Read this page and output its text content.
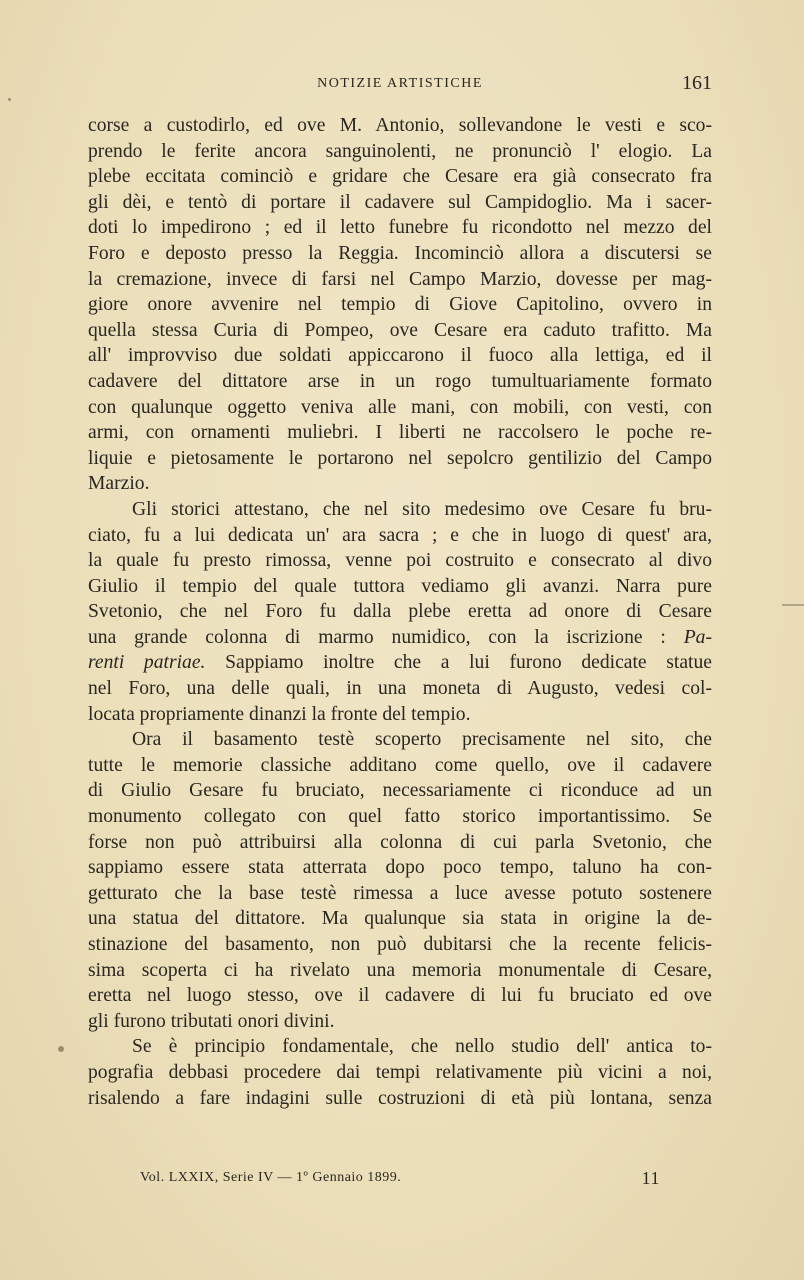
NOTIZIE ARTISTICHE	161

corse a custodirlo, ed ove M. Antonio, sollevandone le vesti e sco-
prendo le ferite ancora sanguinolenti, ne pronunciò l' elogio. La
plebe eccitata cominciò e gridare che Cesare era già consecrato fra
gli dèi, e tentò di portare il cadavere sul Campidoglio. Ma i sacer-
doti lo impedirono ; ed il letto funebre fu ricondotto nel mezzo del
Foro e deposto presso la Reggia. Incominciò allora a discutersi se
la cremazione, invece di farsi nel Campo Marzio, dovesse per mag-
giore onore avvenire nel tempio di Giove Capitolino, ovvero in
quella stessa Curia di Pompeo, ove Cesare era caduto trafitto. Ma
all' improvviso due soldati appiccarono il fuoco alla lettiga, ed il
cadavere del dittatore arse in un rogo tumultuariamente formato
con qualunque oggetto veniva alle mani, con mobili, con vesti, con
armi, con ornamenti muliebri. I liberti ne raccolsero le poche re-
liquie e pietosamente le portarono nel sepolcro gentilizio del Campo
Marzio.

Gli storici attestano, che nel sito medesimo ove Cesare fu bru-
ciato, fu a lui dedicata un' ara sacra ; e che in luogo di quest' ara,
la quale fu presto rimossa, venne poi costruito e consecrato al divo
Giulio il tempio del quale tuttora vediamo gli avanzi. Narra pure
Svetonio, che nel Foro fu dalla plebe eretta ad onore di Cesare
una grande colonna di marmo numidico, con la iscrizione : Pa-
renti patriae. Sappiamo inoltre che a lui furono dedicate statue
nel Foro, una delle quali, in una moneta di Augusto, vedesi col-
locata propriamente dinanzi la fronte del tempio.

Ora il basamento testè scoperto precisamente nel sito, che
tutte le memorie classiche additano come quello, ove il cadavere
di Giulio Gesare fu bruciato, necessariamente ci riconduce ad un
monumento collegato con quel fatto storico importantissimo. Se
forse non può attribuirsi alla colonna di cui parla Svetonio, che
sappiamo essere stata atterrata dopo poco tempo, taluno ha con-
getturato che la base testè rimessa a luce avesse potuto sostenere
una statua del dittatore. Ma qualunque sia stata in origine la de-
stinazione del basamento, non può dubitarsi che la recente felicis-
sima scoperta ci ha rivelato una memoria monumentale di Cesare,
eretta nel luogo stesso, ove il cadavere di lui fu bruciato ed ove
gli furono tributati onori divini.

Se è principio fondamentale, che nello studio dell' antica to-
pografia debbasi procedere dai tempi relativamente più vicini a noi,
risalendo a fare indagini sulle costruzioni di età più lontana, senza

Vol. LXXIX, Serie IV — 1º Gennaio 1899.	11
